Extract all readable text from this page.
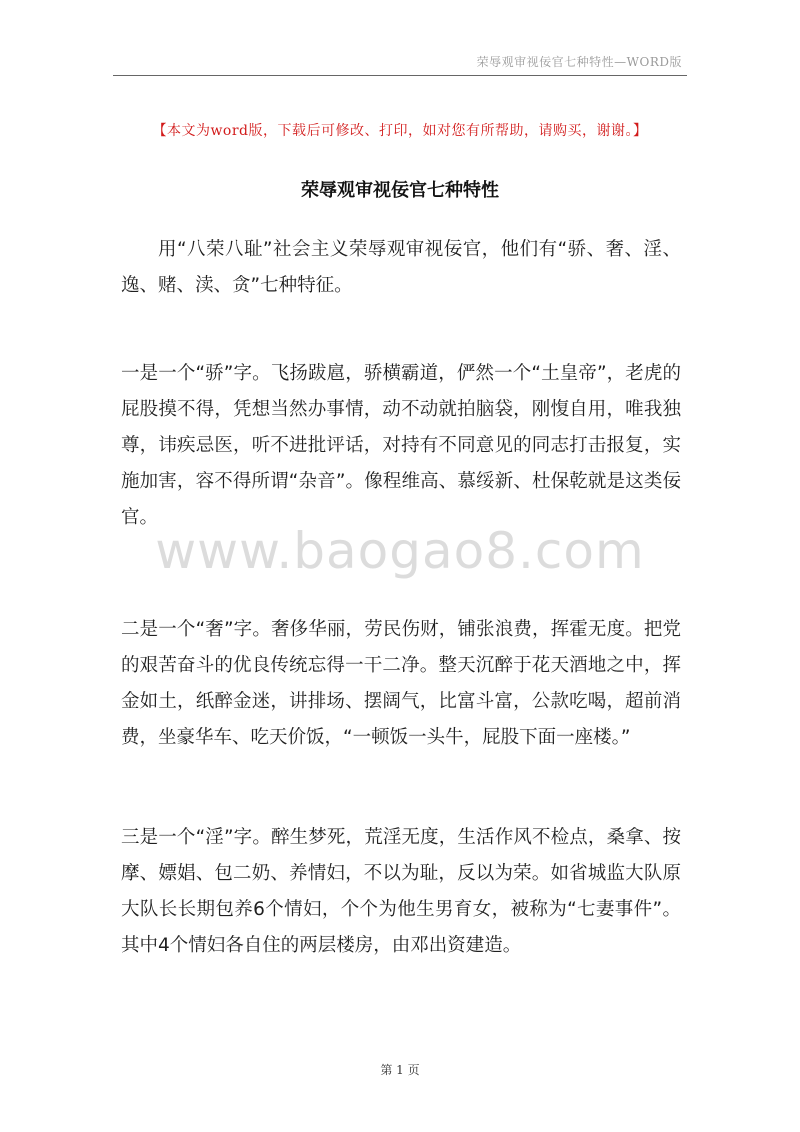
荣辱观审视佞官七种特性—WORD版
【本文为word版，下载后可修改、打印，如对您有所帮助，请购买，谢谢。】
荣辱观审视佞官七种特性

用“八荣八耻”社会主义荣辱观审视佞官，他们有“骄、奢、淫、逸、赌、渎、贪”七种特征。

一是一个“骄”字。飞扬跋扈，骄横霸道，俨然一个“土皇帝”，老虎的屁股摸不得，凭想当然办事情，动不动就拍脑袋，刚愎自用，唯我独尊，讳疾忌医，听不进批评话，对持有不同意见的同志打击报复，实施加害，容不得所谓“杂音”。像程维高、慕绥新、杜保乾就是这类佞官。

二是一个“奢”字。奢侈华丽，劳民伤财，铺张浪费，挥霍无度。把党的艰苦奋斗的优良传统忘得一干二净。整天沉醉于花天酒地之中，挥金如土，纸醉金迷，讲排场、摆阔气，比富斗富，公款吃喝，超前消费，坐豪华车、吃天价饭，“一顿饭一头牛，屁股下面一座楼。”

三是一个“淫”字。醉生梦死，荒淫无度，生活作风不检点，桑拿、按摩、嫖娼、包二奶、养情妇，不以为耻，反以为荣。如省城监大队原大队长长期包养6个情妇，个个为他生男育女，被称为“七妻事件”。其中4个情妇各自住的两层楼房，由邓出资建造。

www.baogao8.com
第 1 页
